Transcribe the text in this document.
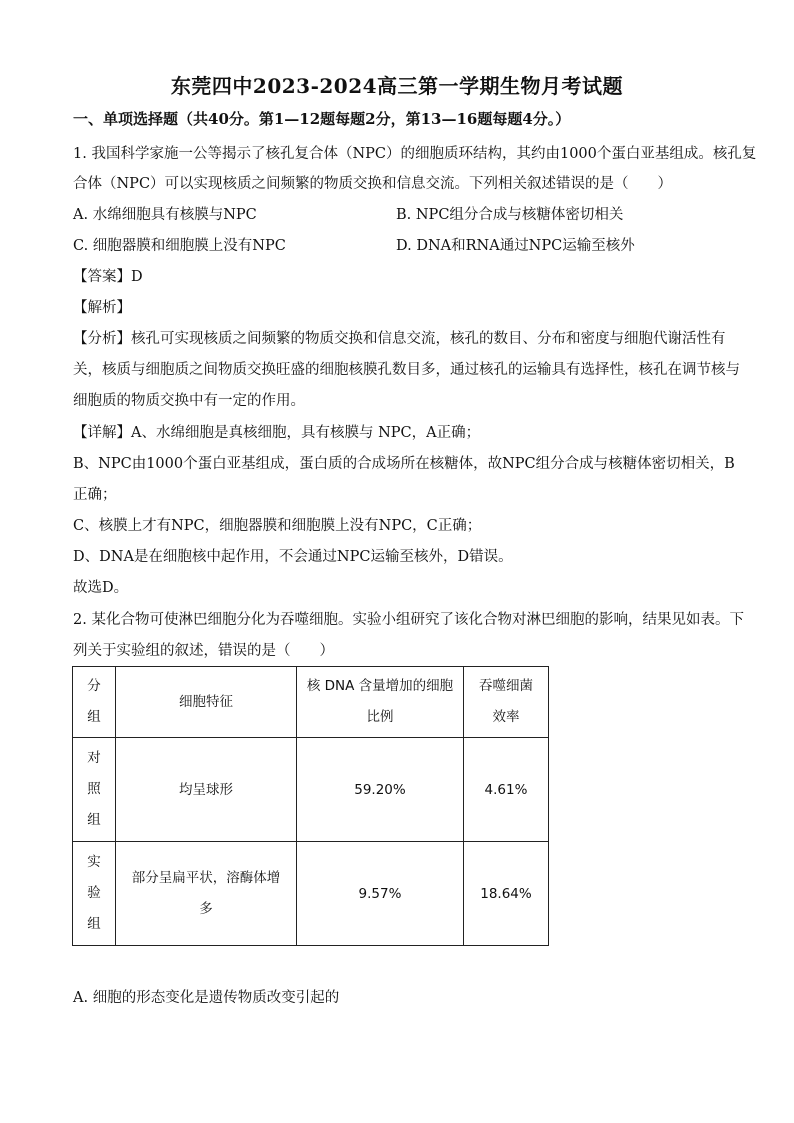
东莞四中2023-2024高三第一学期生物月考试题
一、单项选择题（共40分。第1—12题每题2分，第13—16题每题4分。）
1. 我国科学家施一公等揭示了核孔复合体（NPC）的细胞质环结构，其约由1000个蛋白亚基组成。核孔复
合体（NPC）可以实现核质之间频繁的物质交换和信息交流。下列相关叙述错误的是（　　）
A. 水绵细胞具有核膜与NPC	B. NPC组分合成与核糖体密切相关
C. 细胞器膜和细胞膜上没有NPC	D. DNA和RNA通过NPC运输至核外
【答案】D
【解析】
【分析】核孔可实现核质之间频繁的物质交换和信息交流，核孔的数目、分布和密度与细胞代谢活性有
关，核质与细胞质之间物质交换旺盛的细胞核膜孔数目多，通过核孔的运输具有选择性，核孔在调节核与
细胞质的物质交换中有一定的作用。
【详解】A、水绵细胞是真核细胞，具有核膜与 NPC，A正确；
B、NPC由1000个蛋白亚基组成，蛋白质的合成场所在核糖体，故NPC组分合成与核糖体密切相关，B
正确；
C、核膜上才有NPC，细胞器膜和细胞膜上没有NPC，C正确；
D、DNA是在细胞核中起作用，不会通过NPC运输至核外，D错误。
故选D。
2. 某化合物可使淋巴细胞分化为吞噬细胞。实验小组研究了该化合物对淋巴细胞的影响，结果见如表。下
列关于实验组的叙述，错误的是（　　）
分组	细胞特征	核 DNA 含量增加的细胞比例	吞噬细菌效率
对照组	均呈球形	59.20%	4.61%
实验组	部分呈扁平状，溶酶体增多	9.57%	18.64%
A. 细胞的形态变化是遗传物质改变引起的
